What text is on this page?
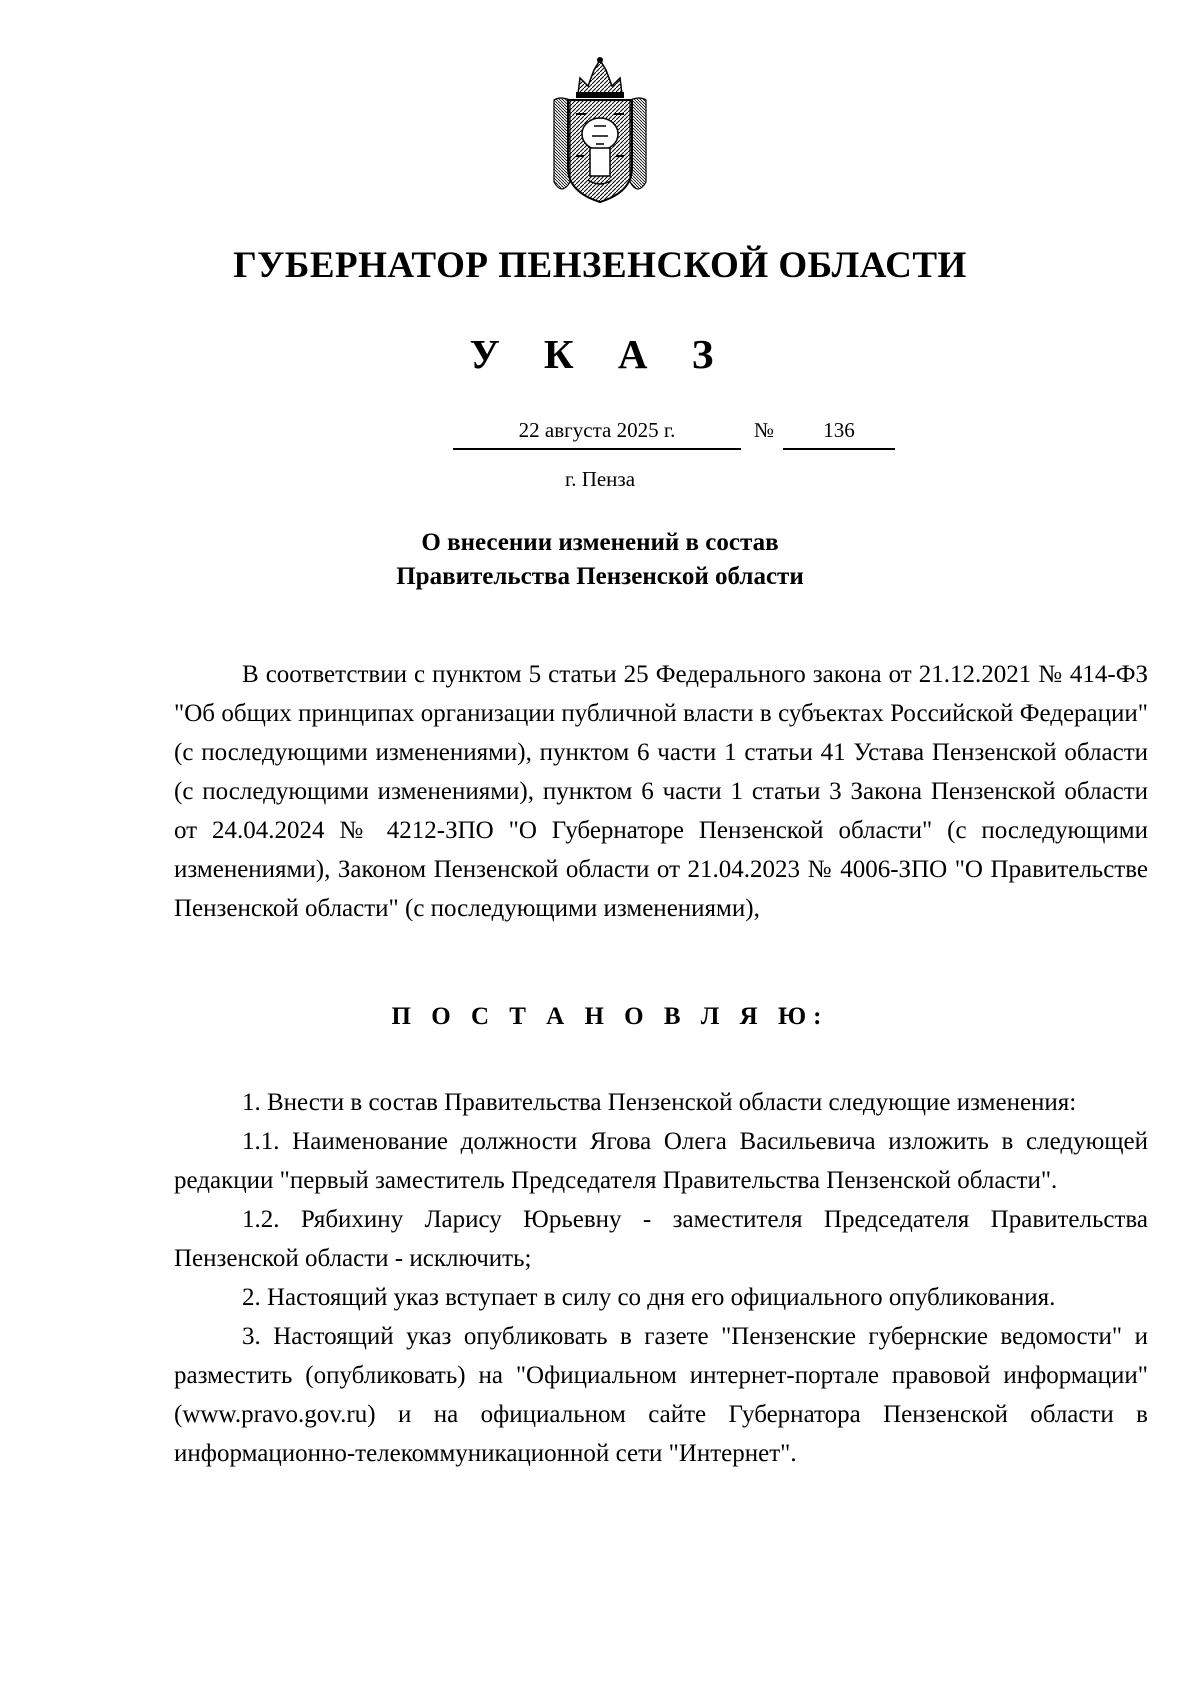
ГУБЕРНАТОР ПЕНЗЕНСКОЙ ОБЛАСТИ
У К А З
22 августа 2025 г.	№	136
г. Пенза
О внесении изменений в состав
Правительства Пензенской области

В соответствии с пунктом 5 статьи 25 Федерального закона от 21.12.2021 № 414-ФЗ "Об общих принципах организации публичной власти в субъектах Российской Федерации" (с последующими изменениями), пунктом 6 части 1 статьи 41 Устава Пензенской области (с последующими изменениями), пунктом 6 части 1 статьи 3 Закона Пензенской области от 24.04.2024 № 4212-ЗПО "О Губернаторе Пензенской области" (с последующими изменениями), Законом Пензенской области от 21.04.2023 № 4006-ЗПО "О Правительстве Пензенской области" (с последующими изменениями),

П О С Т А Н О В Л Я Ю:

1. Внести в состав Правительства Пензенской области следующие изменения:

1.1. Наименование должности Ягова Олега Васильевича изложить в следующей редакции "первый заместитель Председателя Правительства Пензенской области".

1.2. Рябихину Ларису Юрьевну - заместителя Председателя Правительства Пензенской области - исключить;

2. Настоящий указ вступает в силу со дня его официального опубликования.

3. Настоящий указ опубликовать в газете "Пензенские губернские ведомости" и разместить (опубликовать) на "Официальном интернет-портале правовой информации" (www.pravo.gov.ru) и на официальном сайте Губернатора Пензенской области в информационно-телекоммуникационной сети "Интернет".
